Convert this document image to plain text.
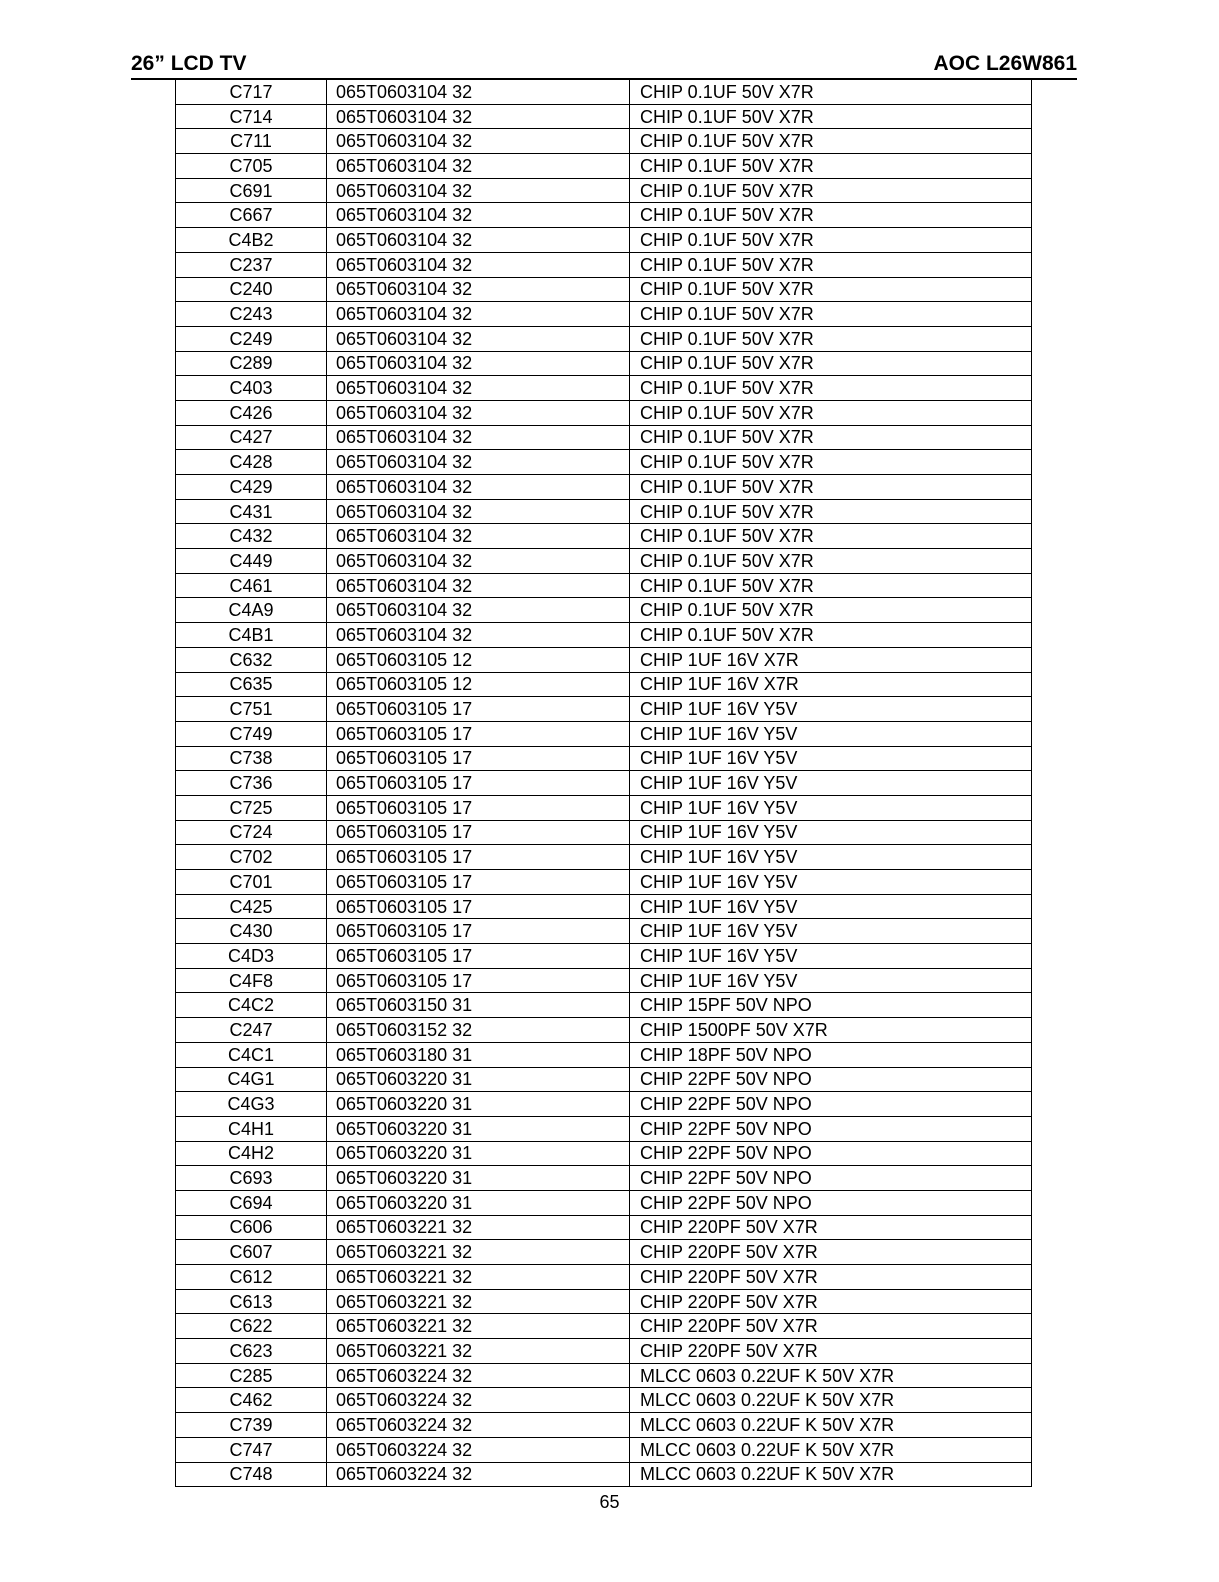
26” LCD TV	AOC L26W861
C717	065T0603104 32	CHIP 0.1UF 50V X7R
C714	065T0603104 32	CHIP 0.1UF 50V X7R
C711	065T0603104 32	CHIP 0.1UF 50V X7R
C705	065T0603104 32	CHIP 0.1UF 50V X7R
C691	065T0603104 32	CHIP 0.1UF 50V X7R
C667	065T0603104 32	CHIP 0.1UF 50V X7R
C4B2	065T0603104 32	CHIP 0.1UF 50V X7R
C237	065T0603104 32	CHIP 0.1UF 50V X7R
C240	065T0603104 32	CHIP 0.1UF 50V X7R
C243	065T0603104 32	CHIP 0.1UF 50V X7R
C249	065T0603104 32	CHIP 0.1UF 50V X7R
C289	065T0603104 32	CHIP 0.1UF 50V X7R
C403	065T0603104 32	CHIP 0.1UF 50V X7R
C426	065T0603104 32	CHIP 0.1UF 50V X7R
C427	065T0603104 32	CHIP 0.1UF 50V X7R
C428	065T0603104 32	CHIP 0.1UF 50V X7R
C429	065T0603104 32	CHIP 0.1UF 50V X7R
C431	065T0603104 32	CHIP 0.1UF 50V X7R
C432	065T0603104 32	CHIP 0.1UF 50V X7R
C449	065T0603104 32	CHIP 0.1UF 50V X7R
C461	065T0603104 32	CHIP 0.1UF 50V X7R
C4A9	065T0603104 32	CHIP 0.1UF 50V X7R
C4B1	065T0603104 32	CHIP 0.1UF 50V X7R
C632	065T0603105 12	CHIP 1UF 16V X7R
C635	065T0603105 12	CHIP 1UF 16V X7R
C751	065T0603105 17	CHIP 1UF 16V Y5V
C749	065T0603105 17	CHIP 1UF 16V Y5V
C738	065T0603105 17	CHIP 1UF 16V Y5V
C736	065T0603105 17	CHIP 1UF 16V Y5V
C725	065T0603105 17	CHIP 1UF 16V Y5V
C724	065T0603105 17	CHIP 1UF 16V Y5V
C702	065T0603105 17	CHIP 1UF 16V Y5V
C701	065T0603105 17	CHIP 1UF 16V Y5V
C425	065T0603105 17	CHIP 1UF 16V Y5V
C430	065T0603105 17	CHIP 1UF 16V Y5V
C4D3	065T0603105 17	CHIP 1UF 16V Y5V
C4F8	065T0603105 17	CHIP 1UF 16V Y5V
C4C2	065T0603150 31	CHIP 15PF 50V NPO
C247	065T0603152 32	CHIP 1500PF 50V X7R
C4C1	065T0603180 31	CHIP 18PF 50V NPO
C4G1	065T0603220 31	CHIP 22PF 50V NPO
C4G3	065T0603220 31	CHIP 22PF 50V NPO
C4H1	065T0603220 31	CHIP 22PF 50V NPO
C4H2	065T0603220 31	CHIP 22PF 50V NPO
C693	065T0603220 31	CHIP 22PF 50V NPO
C694	065T0603220 31	CHIP 22PF 50V NPO
C606	065T0603221 32	CHIP 220PF 50V X7R
C607	065T0603221 32	CHIP 220PF 50V X7R
C612	065T0603221 32	CHIP 220PF 50V X7R
C613	065T0603221 32	CHIP 220PF 50V X7R
C622	065T0603221 32	CHIP 220PF 50V X7R
C623	065T0603221 32	CHIP 220PF 50V X7R
C285	065T0603224 32	MLCC 0603 0.22UF K 50V X7R
C462	065T0603224 32	MLCC 0603 0.22UF K 50V X7R
C739	065T0603224 32	MLCC 0603 0.22UF K 50V X7R
C747	065T0603224 32	MLCC 0603 0.22UF K 50V X7R
C748	065T0603224 32	MLCC 0603 0.22UF K 50V X7R
65
